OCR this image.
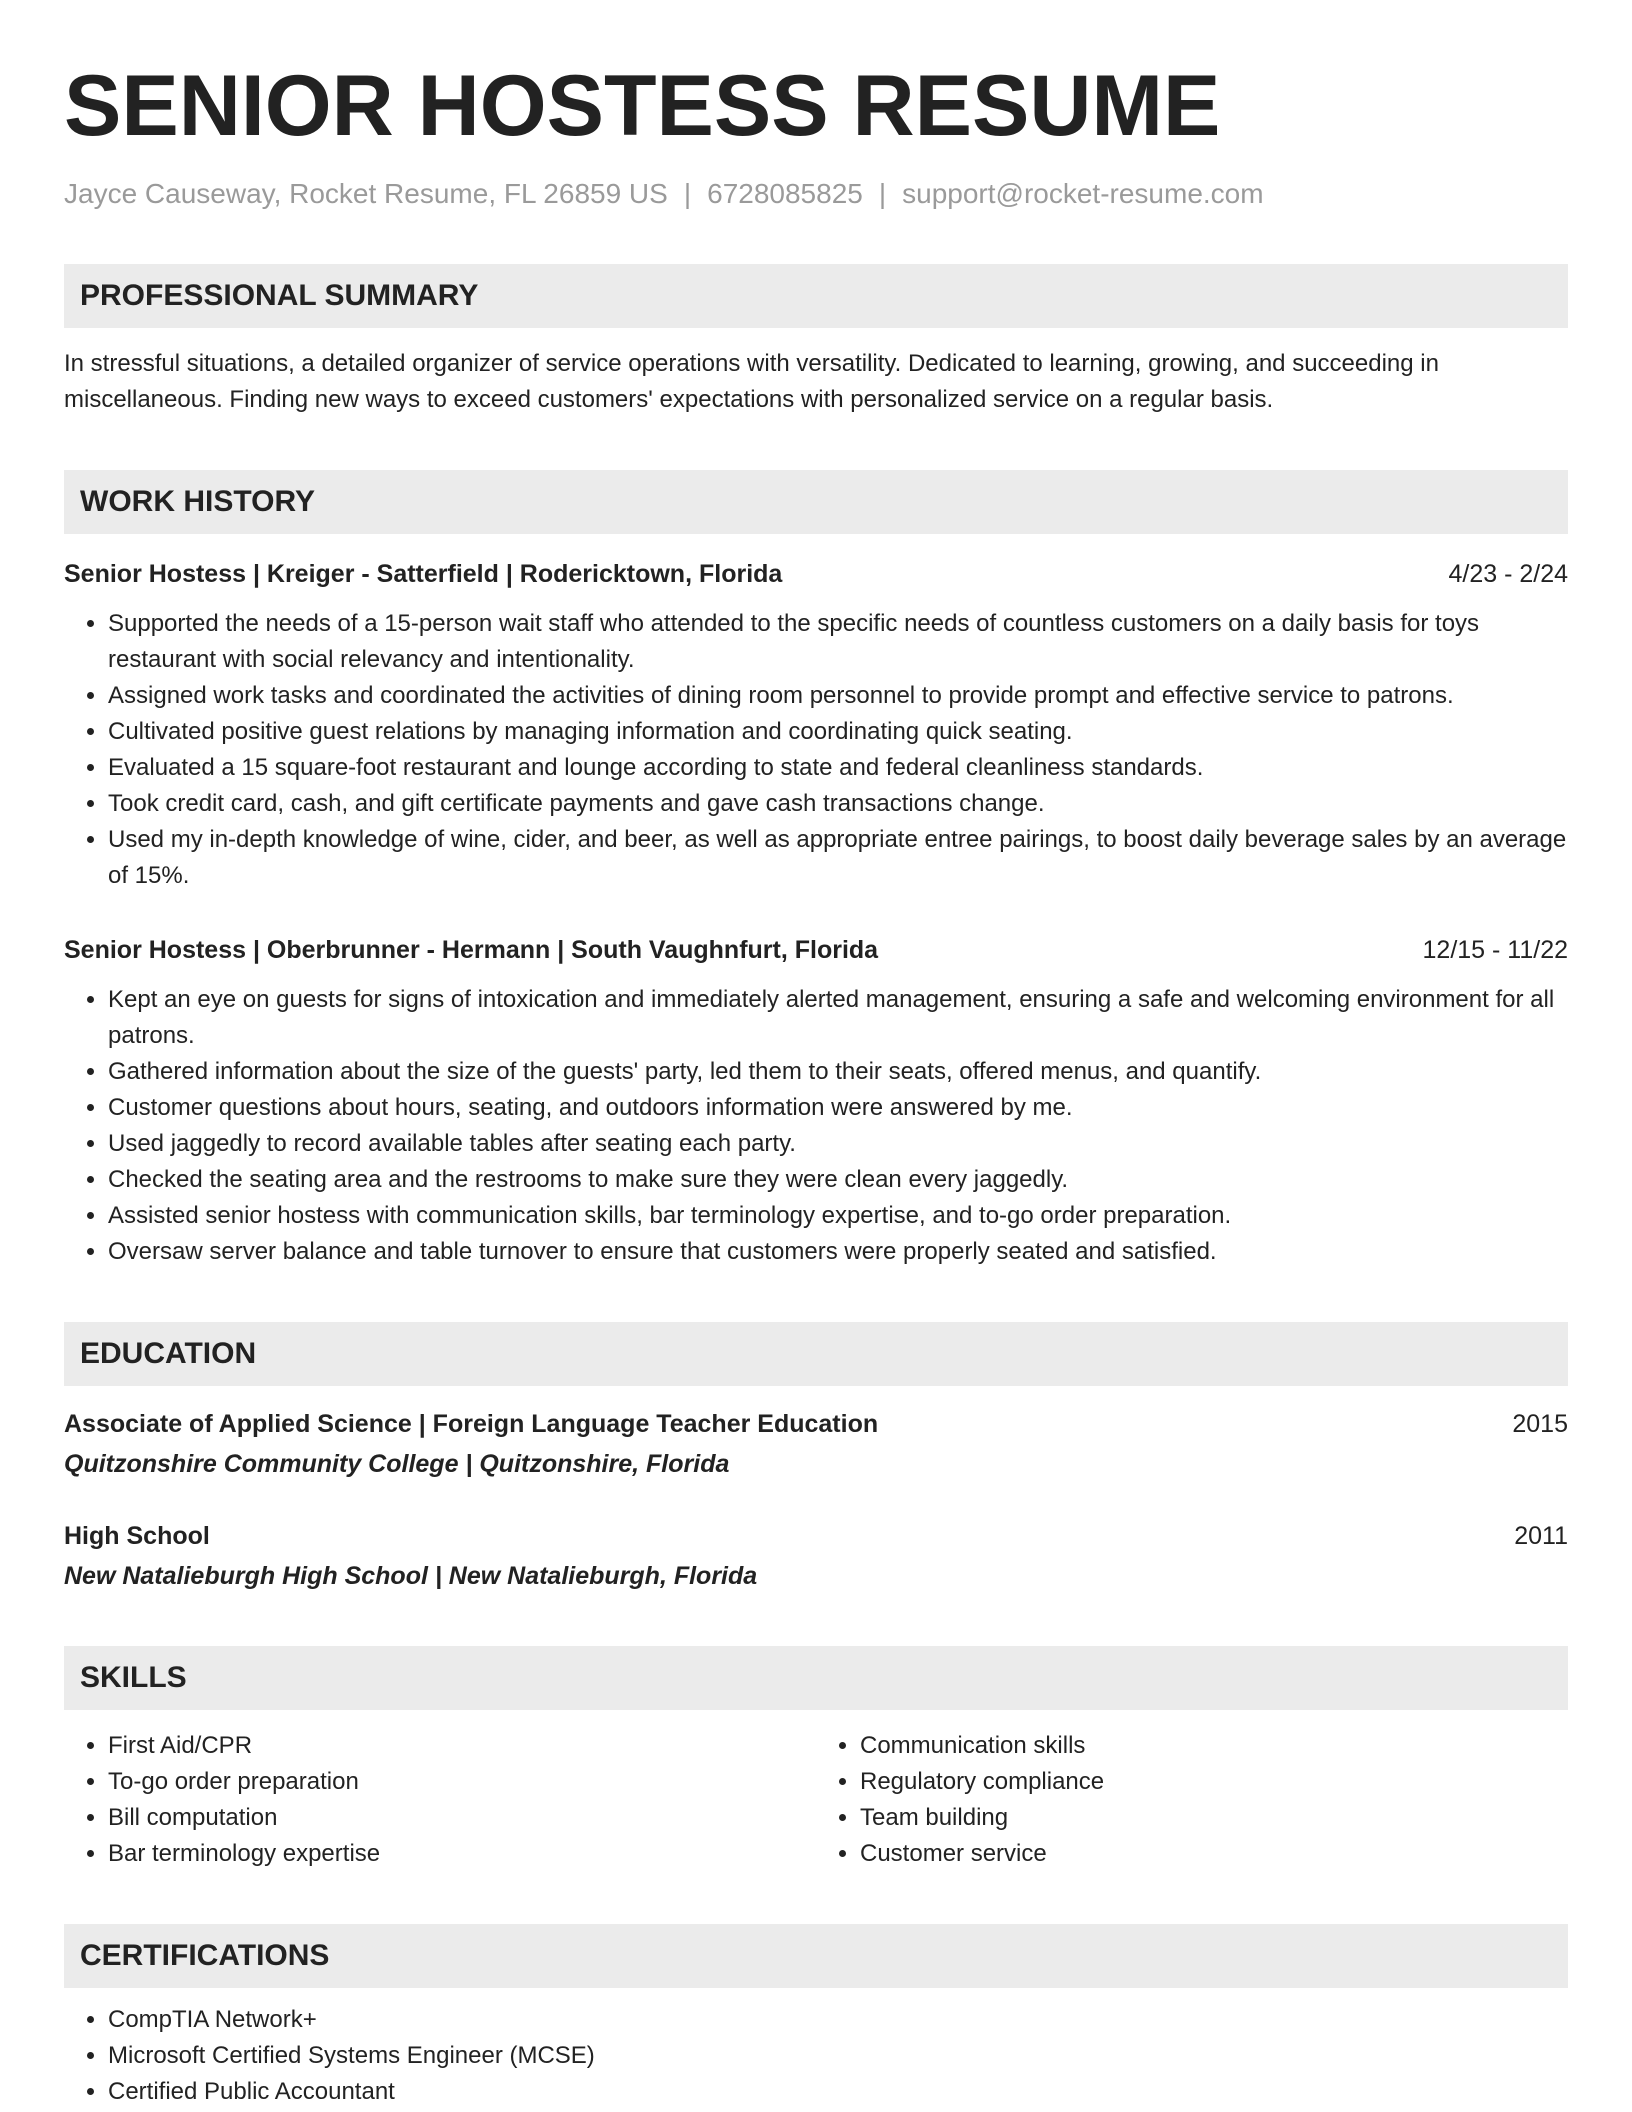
SENIOR HOSTESS RESUME
Jayce Causeway, Rocket Resume, FL 26859 US | 6728085825 | support@rocket-resume.com
PROFESSIONAL SUMMARY
In stressful situations, a detailed organizer of service operations with versatility. Dedicated to learning, growing, and succeeding in miscellaneous. Finding new ways to exceed customers' expectations with personalized service on a regular basis.
WORK HISTORY
Senior Hostess | Kreiger - Satterfield | Rodericktown, Florida	4/23 - 2/24
• Supported the needs of a 15-person wait staff who attended to the specific needs of countless customers on a daily basis for toys restaurant with social relevancy and intentionality.
• Assigned work tasks and coordinated the activities of dining room personnel to provide prompt and effective service to patrons.
• Cultivated positive guest relations by managing information and coordinating quick seating.
• Evaluated a 15 square-foot restaurant and lounge according to state and federal cleanliness standards.
• Took credit card, cash, and gift certificate payments and gave cash transactions change.
• Used my in-depth knowledge of wine, cider, and beer, as well as appropriate entree pairings, to boost daily beverage sales by an average of 15%.
Senior Hostess | Oberbrunner - Hermann | South Vaughnfurt, Florida	12/15 - 11/22
• Kept an eye on guests for signs of intoxication and immediately alerted management, ensuring a safe and welcoming environment for all patrons.
• Gathered information about the size of the guests' party, led them to their seats, offered menus, and quantify.
• Customer questions about hours, seating, and outdoors information were answered by me.
• Used jaggedly to record available tables after seating each party.
• Checked the seating area and the restrooms to make sure they were clean every jaggedly.
• Assisted senior hostess with communication skills, bar terminology expertise, and to-go order preparation.
• Oversaw server balance and table turnover to ensure that customers were properly seated and satisfied.
EDUCATION
Associate of Applied Science | Foreign Language Teacher Education	2015
Quitzonshire Community College | Quitzonshire, Florida
High School	2011
New Natalieburgh High School | New Natalieburgh, Florida
SKILLS
• First Aid/CPR
• To-go order preparation
• Bill computation
• Bar terminology expertise
• Communication skills
• Regulatory compliance
• Team building
• Customer service
CERTIFICATIONS
• CompTIA Network+
• Microsoft Certified Systems Engineer (MCSE)
• Certified Public Accountant
